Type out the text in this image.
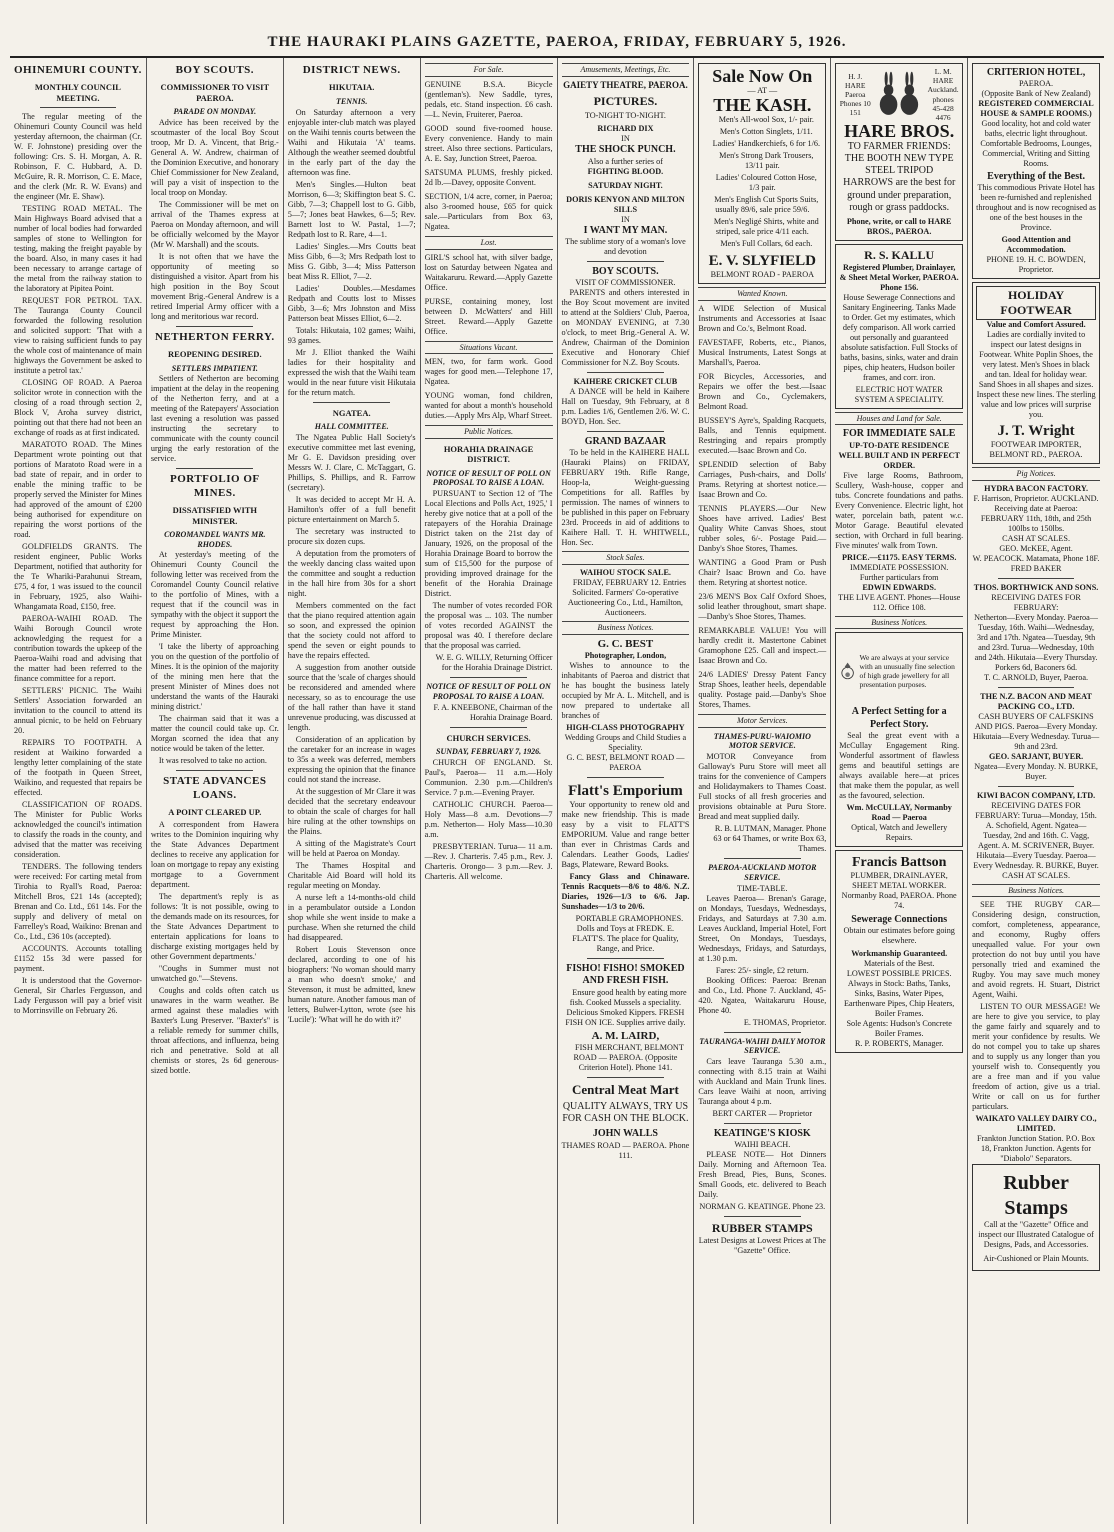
THE HAURAKI PLAINS GAZETTE, PAEROA, FRIDAY, FEBRUARY 5, 1926.
OHINEMURI COUNTY.
MONTHLY COUNCIL MEETING.

The regular meeting of the Ohinemuri County Council was held yesterday afternoon, the chairman (Cr. W. F. Johnstone) presiding over the following: Crs. S. H. Morgan, A. R. Robinson, F. C. Hubbard, A. D. McGuire, R. R. Morrison, C. E. Mace, and the clerk (Mr. R. W. Evans) and the engineer (Mr. E. Shaw).

TESTING ROAD METAL. The Main Highways Board advised that a number of local bodies had forwarded samples of stone to Wellington for testing, making the freight payable by the board. Also, in many cases it had been necessary to arrange cartage of the metal from the railway station to the laboratory at Pipitea Point.

REQUEST FOR PETROL TAX. The Tauranga County Council forwarded the following resolution and solicited support: 'That with a view to raising sufficient funds to pay the whole cost of maintenance of main highways the Government be asked to institute a petrol tax.'

CLOSING OF ROAD. A Paeroa solicitor wrote in connection with the closing of a road through section 2, Block V, Aroha survey district, pointing out that there had not been an exchange of roads as at first indicated.

MARATOTO ROAD. The Mines Department wrote pointing out that portions of Maratoto Road were in a bad state of repair, and in order to enable the mining traffic to be properly served the Minister for Mines had approved of the amount of £200 being authorised for expenditure on repairing the worst portions of the road.

GOLDFIELDS GRANTS. The resident engineer, Public Works Department, notified that authority for the Te Whariki-Parahunui Stream, £75, 4 for, 1 was issued to the council in February, 1925, also Waihi-Whangamata Road, £150, free.

PAEROA-WAIHI ROAD. The Waihi Borough Council wrote acknowledging the request for a contribution towards the upkeep of the Paeroa-Waihi road and advising that the matter had been referred to the finance committee for a report.

SETTLERS' PICNIC. The Waihi Settlers' Association forwarded an invitation to the council to attend its annual picnic, to be held on February 20.

REPAIRS TO FOOTPATH. A resident at Waikino forwarded a lengthy letter complaining of the state of the footpath in Queen Street, Waikino, and requested that repairs be effected.

CLASSIFICATION OF ROADS. The Minister for Public Works acknowledged the council's intimation to classify the roads in the county, and advised that the matter was receiving consideration.

TENDERS. The following tenders were received: For carting metal from Tirohia to Ryall's Road, Paeroa: Mitchell Bros, £21 14s (accepted); Brenan and Co. Ltd., £61 14s. For the supply and delivery of metal on Farrelley's Road, Waikino: Brenan and Co., Ltd., £36 10s (accepted).

ACCOUNTS. Accounts totalling £1152 15s 3d were passed for payment.

It is understood that the Governor-General, Sir Charles Fergusson, and Lady Fergusson will pay a brief visit to Morrinsville on February 26.

BOY SCOUTS.
COMMISSIONER TO VISIT PAEROA.
PARADE ON MONDAY.

Advice has been received by the scoutmaster of the local Boy Scout troop, Mr D. A. Vincent, that Brig.-General A. W. Andrew, chairman of the Dominion Executive, and honorary Chief Commissioner for New Zealand, will pay a visit of inspection to the local troop on Monday.

The Commissioner will be met on arrival of the Thames express at Paeroa on Monday afternoon, and will be officially welcomed by the Mayor (Mr W. Marshall) and the scouts.

It is not often that we have the opportunity of meeting so distinguished a visitor. Apart from his high position in the Boy Scout movement Brig.-General Andrew is a retired Imperial Army officer with a long and meritorious war record.

NETHERTON FERRY.
REOPENING DESIRED.
SETTLERS IMPATIENT.

Settlers of Netherton are becoming impatient at the delay in the reopening of the Netherton ferry, and at a meeting of the Ratepayers' Association last evening a resolution was passed instructing the secretary to communicate with the county council urging the early restoration of the service.

PORTFOLIO OF MINES.
DISSATISFIED WITH MINISTER.
COROMANDEL WANTS MR. RHODES.

At yesterday's meeting of the Ohinemuri County Council the following letter was received from the Coromandel County Council relative to the portfolio of Mines, with a request that if the council was in sympathy with the object it support the request by approaching the Hon. Prime Minister.

'I take the liberty of approaching you on the question of the portfolio of Mines. It is the opinion of the majority of the mining men here that the present Minister of Mines does not understand the wants of the Hauraki mining district.'

The chairman said that it was a matter the council could take up. Cr. Morgan scorned the idea that any notice would be taken of the letter.

It was resolved to take no action.

STATE ADVANCES LOANS.
A POINT CLEARED UP.

A correspondent from Hawera writes to the Dominion inquiring why the State Advances Department declines to receive any application for loan on mortgage to repay any existing mortgage to a Government department.

The department's reply is as follows: 'It is not possible, owing to the demands made on its resources, for the State Advances Department to entertain applications for loans to discharge existing mortgages held by other Government departments.'

"Coughs in Summer must not unwatched go."—Stevens.

Coughs and colds often catch us unawares in the warm weather. Be armed against these maladies with Baxter's Lung Preserver. "Baxter's" is a reliable remedy for summer chills, throat affections, and influenza, being rich and penetrative. Sold at all chemists or stores, 2s 6d generous-sized bottle.

DISTRICT NEWS.
HIKUTAIA.
TENNIS.

On Saturday afternoon a very enjoyable inter-club match was played on the Waihi tennis courts between the Waihi and Hikutaia 'A' teams. Although the weather seemed doubtful in the early part of the day the afternoon was fine.

Men's Singles.—Hulton beat Morrison, 6—3; Skiffington beat S. C. Gibb, 7—3; Chappell lost to G. Gibb, 5—7; Jones beat Hawkes, 6—5; Rev. Barnett lost to W. Pastal, 1—7; Redpath lost to R. Rare, 4—1.

Ladies' Singles.—Mrs Coutts beat Miss Gibb, 6—3; Mrs Redpath lost to Miss G. Gibb, 3—4; Miss Patterson beat Miss R. Elliot, 7—2.

Ladies' Doubles.—Mesdames Redpath and Coutts lost to Misses Gibb, 3—6; Mrs Johnston and Miss Patterson beat Misses Elliot, 6—2.

Totals: Hikutaia, 102 games; Waihi, 93 games.

Mr J. Elliot thanked the Waihi ladies for their hospitality and expressed the wish that the Waihi team would in the near future visit Hikutaia for the return match.

NGATEA.
HALL COMMITTEE.

The Ngatea Public Hall Society's executive committee met last evening, Mr G. E. Davidson presiding over Messrs W. J. Clare, C. McTaggart, G. Phillips, S. Phillips, and R. Farrow (secretary).

It was decided to accept Mr H. A. Hamilton's offer of a full benefit picture entertainment on March 5.

The secretary was instructed to procure six dozen cups.

A deputation from the promoters of the weekly dancing class waited upon the committee and sought a reduction in the hall hire from 30s for a short night.

Members commented on the fact that the piano required attention again so soon, and expressed the opinion that the society could not afford to spend the seven or eight pounds to have the repairs effected.

A suggestion from another outside source that the 'scale of charges should be reconsidered and amended where necessary, so as to encourage the use of the hall rather than have it stand unrevenue producing, was discussed at length.

Consideration of an application by the caretaker for an increase in wages to 35s a week was deferred, members expressing the opinion that the finance could not stand the increase.

At the suggestion of Mr Clare it was decided that the secretary endeavour to obtain the scale of charges for hall hire ruling at the other townships on the Plains.

A sitting of the Magistrate's Court will be held at Paeroa on Monday.

The Thames Hospital and Charitable Aid Board will hold its regular meeting on Monday.

A nurse left a 14-months-old child in a perambulator outside a London shop while she went inside to make a purchase. When she returned the child had disappeared.

Robert Louis Stevenson once declared, according to one of his biographers: 'No woman should marry a man who doesn't smoke,' and Stevenson, it must be admitted, knew human nature. Another famous man of letters, Bulwer-Lytton, wrote (see his 'Lucile'): 'What will he do with it?'

For Sale.

GENUINE B.S.A. Bicycle (gentleman's). New Saddle, tyres, pedals, etc. Stand inspection. £6 cash.—L. Nevin, Fruiterer, Paeroa.

GOOD sound five-roomed house. Every convenience. Handy to main street. Also three sections. Particulars, A. E. Say, Junction Street, Paeroa.

SATSUMA PLUMS, freshly picked. 2d lb.—Davey, opposite Convent.

SECTION, 1/4 acre, corner, in Paeroa; also 3-roomed house, £65 for quick sale.—Particulars from Box 63, Ngatea.

Lost.

GIRL'S school hat, with silver badge, lost on Saturday between Ngatea and Waitakaruru. Reward.—Apply Gazette Office.

PURSE, containing money, lost between D. McWatters' and Hill Street. Reward.—Apply Gazette Office.

Situations Vacant.

MEN, two, for farm work. Good wages for good men.—Telephone 17, Ngatea.

YOUNG woman, fond children, wanted for about a month's household duties.—Apply Mrs Alp, Wharf Street.

Public Notices.
HORAHIA DRAINAGE DISTRICT.
NOTICE OF RESULT OF POLL ON PROPOSAL TO RAISE A LOAN.

PURSUANT to Section 12 of 'The Local Elections and Polls Act, 1925,' I hereby give notice that at a poll of the ratepayers of the Horahia Drainage District taken on the 21st day of January, 1926, on the proposal of the Horahia Drainage Board to borrow the sum of £15,500 for the purpose of providing improved drainage for the benefit of the Horahia Drainage District.

The number of votes recorded FOR the proposal was ... 103. The number of votes recorded AGAINST the proposal was 40. I therefore declare that the proposal was carried.

W. E. G. WILLY, Returning Officer for the Horahia Drainage District.

NOTICE OF RESULT OF POLL ON PROPOSAL TO RAISE A LOAN.

F. A. KNEEBONE, Chairman of the Horahia Drainage Board.

CHURCH SERVICES.
SUNDAY, FEBRUARY 7, 1926.

CHURCH OF ENGLAND. St. Paul's, Paeroa— 11 a.m.—Holy Communion. 2.30 p.m.—Children's Service. 7 p.m.—Evening Prayer.

CATHOLIC CHURCH. Paeroa— Holy Mass—8 a.m. Devotions—7 p.m. Netherton— Holy Mass—10.30 a.m.

PRESBYTERIAN. Turua— 11 a.m.—Rev. J. Charteris. 7.45 p.m., Rev. J. Charteris. Orongo— 3 p.m.—Rev. J. Charteris. All welcome.

Amusements, Meetings, Etc.
GAIETY THEATRE, PAEROA.
PICTURES.
TO-NIGHT TO-NIGHT.
RICHARD DIX
IN
THE SHOCK PUNCH.
Also a further series of
FIGHTING BLOOD.
SATURDAY NIGHT.
DORIS KENYON AND MILTON SILLS
IN
I WANT MY MAN.
The sublime story of a woman's love and devotion
BOY SCOUTS.
VISIT OF COMMISSIONER.

PARENTS and others interested in the Boy Scout movement are invited to attend at the Soldiers' Club, Paeroa, on MONDAY EVENING, at 7.30 o'clock, to meet Brig.-General A. W. Andrew, Chairman of the Dominion Executive and Honorary Chief Commissioner for N.Z. Boy Scouts.

KAIHERE CRICKET CLUB

A DANCE will be held in Kaihere Hall on Tuesday, 9th February, at 8 p.m. Ladies 1/6, Gentlemen 2/6. W. C. BOYD, Hon. Sec.

GRAND BAZAAR

To be held in the KAIHERE HALL (Hauraki Plains) on FRIDAY, FEBRUARY 19th. Rifle Range, Hoop-la, Weight-guessing Competitions for all. Raffles by permission. The names of winners to be published in this paper on February 23rd. Proceeds in aid of additions to Kaihere Hall. T. H. WHITWELL, Hon. Sec.

Stock Sales.
WAIHOU STOCK SALE.

FRIDAY, FEBRUARY 12. Entries Solicited. Farmers' Co-operative Auctioneering Co., Ltd., Hamilton, Auctioneers.

Business Notices.
G. C. BEST
Photographer, London,

Wishes to announce to the inhabitants of Paeroa and district that he has bought the business lately occupied by Mr A. L. Mitchell, and is now prepared to undertake all branches of

HIGH-CLASS PHOTOGRAPHY
Wedding Groups and Child Studies a Speciality.
G. C. BEST, BELMONT ROAD — PAEROA
Flatt's Emporium

Your opportunity to renew old and make new friendship. This is made easy by a visit to FLATT'S EMPORIUM. Value and range better than ever in Christmas Cards and Calendars. Leather Goods, Ladies' Bags, Plateware, Reward Books.

Fancy Glass and Chinaware. Tennis Racquets—8/6 to 48/6. N.Z. Diaries, 1926—1/3 to 6/6. Jap. Sunshades—1/3 to 20/6.

PORTABLE GRAMOPHONES. Dolls and Toys at FREDK. E. FLATT'S. The place for Quality, Range, and Price.

FISHO! FISHO! SMOKED AND FRESH FISH.

Ensure good health by eating more fish. Cooked Mussels a speciality. Delicious Smoked Kippers. FRESH FISH ON ICE. Supplies arrive daily.

A. M. LAIRD,

FISH MERCHANT, BELMONT ROAD — PAEROA. (Opposite Criterion Hotel). Phone 141.

Central Meat Mart
QUALITY ALWAYS, TRY US FOR CASH ON THE BLOCK.
JOHN WALLS
THAMES ROAD — PAEROA. Phone 111.
Sale Now On
— AT —
THE KASH.

Men's All-wool Sox, 1/- pair.

Men's Cotton Singlets, 1/11.

Ladies' Handkerchiefs, 6 for 1/6.

Men's Strong Dark Trousers, 13/11 pair.

Ladies' Coloured Cotton Hose, 1/3 pair.

Men's English Cut Sports Suits, usually 89/6, sale price 59/6.

Men's Negligé Shirts, white and striped, sale price 4/11 each.

Men's Full Collars, 6d each.

E. V. SLYFIELD
BELMONT ROAD - PAEROA
Wanted Known.

A WIDE Selection of Musical Instruments and Accessories at Isaac Brown and Co.'s, Belmont Road.

FAVESTAFF, Roberts, etc., Pianos, Musical Instruments, Latest Songs at Marshall's, Paeroa.

FOR Bicycles, Accessories, and Repairs we offer the best.—Isaac Brown and Co., Cyclemakers, Belmont Road.

BUSSEY'S Ayre's, Spalding Racquets, Balls, and Tennis equipment. Restringing and repairs promptly executed.—Isaac Brown and Co.

SPLENDID selection of Baby Carriages, Push-chairs, and Dolls' Prams. Retyring at shortest notice.—Isaac Brown and Co.

TENNIS PLAYERS.—Our New Shoes have arrived. Ladies' Best Quality White Canvas Shoes, stout rubber soles, 6/-. Postage Paid.—Danby's Shoe Stores, Thames.

WANTING a Good Pram or Push Chair? Isaac Brown and Co. have them. Retyring at shortest notice.

23/6 MEN'S Box Calf Oxford Shoes, solid leather throughout, smart shape.—Danby's Shoe Stores, Thames.

REMARKABLE VALUE! You will hardly credit it. Mastertone Cabinet Gramophone £25. Call and inspect.—Isaac Brown and Co.

24/6 LADIES' Dressy Patent Fancy Strap Shoes, leather heels, dependable quality. Postage paid.—Danby's Shoe Stores, Thames.

Motor Services.
THAMES-PURU-WAIOMIO MOTOR SERVICE.

MOTOR Conveyance from Galloway's Puru Store will meet all trains for the convenience of Campers and Holidaymakers to Thames Coast. Full stocks of all fresh groceries and provisions obtainable at Puru Store. Bread and meat supplied daily.

R. B. LUTMAN, Manager. Phone 63 or 64 Thames, or write Box 63, Thames.

PAEROA-AUCKLAND MOTOR SERVICE.
TIME-TABLE.

Leaves Paeroa— Brenan's Garage, on Mondays, Tuesdays, Wednesdays, Fridays, and Saturdays at 7.30 a.m. Leaves Auckland, Imperial Hotel, Fort Street, On Mondays, Tuesdays, Wednesdays, Fridays, and Saturdays, at 1.30 p.m.

Fares: 25/- single, £2 return.

Booking Offices: Paeroa: Brenan and Co., Ltd. Phone 7. Auckland, 45-420. Ngatea, Waitakaruru House, Phone 40.

E. THOMAS, Proprietor.

TAURANGA-WAIHI DAILY MOTOR SERVICE.

Cars leave Tauranga 5.30 a.m., connecting with 8.15 train at Waihi with Auckland and Main Trunk lines. Cars leave Waihi at noon, arriving Tauranga about 4 p.m.

BERT CARTER — Proprietor
KEATINGE'S KIOSK
WAIHI BEACH.

PLEASE NOTE— Hot Dinners Daily. Morning and Afternoon Tea. Fresh Bread, Pies, Buns, Scones. Small Goods, etc. delivered to Beach Daily.

NORMAN G. KEATINGE. Phone 23.
RUBBER STAMPS
Latest Designs at Lowest Prices at The "Gazette" Office.
H. J. HARE Paeroa Phones 10 151
L. M. HARE Auckland. phones 45-428 4476
HARE BROS.
TO FARMER FRIENDS: THE BOOTH NEW TYPE STEEL TRIPOD HARROWS are the best for ground under preparation, rough or grass paddocks.
Phone, write, or call to HARE BROS., PAEROA.
R. S. KALLU
Registered Plumber, Drainlayer, & Sheet Metal Worker, PAEROA. Phone 156.

House Sewerage Connections and Sanitary Engineering. Tanks Made to Order. Get my estimates, which defy comparison. All work carried out personally and guaranteed absolute satisfaction. Full Stocks of baths, basins, sinks, water and drain pipes, chip heaters, Hudson boiler frames, and corr. iron.

ELECTRIC HOT WATER SYSTEM A SPECIALITY.
Houses and Land for Sale.
FOR IMMEDIATE SALE
UP-TO-DATE RESIDENCE
WELL BUILT AND IN PERFECT ORDER.

Five large Rooms, Bathroom, Scullery, Wash-house, copper and tubs. Concrete foundations and paths. Every Convenience. Electric light, hot water, porcelain bath, patent w.c. Motor Garage. Beautiful elevated section, with Orchard in full bearing. Five minutes' walk from Town.

PRICE.—£1175. EASY TERMS.
IMMEDIATE POSSESSION.
Further particulars from
EDWIN EDWARDS.
THE LIVE AGENT. Phones—House 112. Office 108.
Business Notices.
We are always at your service with an unusually fine selection of high grade jewellery for all presentation purposes.
A Perfect Setting for a Perfect Story.

Seal the great event with a McCullay Engagement Ring. Wonderful assortment of flawless gems and beautiful settings are always available here—at prices that make them the popular, as well as the favoured, selection.

Wm. McCULLAY, Normanby Road — Paeroa
Optical, Watch and Jewellery Repairs.
Francis Battson
PLUMBER, DRAINLAYER, SHEET METAL WORKER. Normanby Road, PAEROA. Phone 74.
Sewerage Connections
Obtain our estimates before going elsewhere.
Workmanship Guaranteed.
Materials of the Best.
LOWEST POSSIBLE PRICES.
Always in Stock: Baths, Tanks, Sinks, Basins, Water Pipes, Earthenware Pipes, Chip Heaters, Boiler Frames.
Sole Agents: Hudson's Concrete Boiler Frames.
R. P. ROBERTS, Manager.
CRITERION HOTEL,
PAEROA.
(Opposite Bank of New Zealand)
REGISTERED COMMERCIAL HOUSE & SAMPLE ROOMS.)

Good locality, hot and cold water baths, electric light throughout. Comfortable Bedrooms, Lounges, Commercial, Writing and Sitting Rooms.

Everything of the Best.

This commodious Private Hotel has been re-furnished and replenished throughout and is now recognised as one of the best houses in the Province.

Good Attention and Accommodation.
PHONE 19. H. C. BOWDEN, Proprietor.
HOLIDAY FOOTWEAR
Value and Comfort Assured.

Ladies are cordially invited to inspect our latest designs in Footwear. White Poplin Shoes, the very latest. Men's Shoes in black and tan. Ideal for holiday wear. Sand Shoes in all shapes and sizes. Inspect these new lines. The sterling value and low prices will surprise you.

J. T. Wright
FOOTWEAR IMPORTER, BELMONT RD., PAEROA.
Pig Notices.
HYDRA BACON FACTORY.
F. Harrison, Proprietor. AUCKLAND.
Receiving date at Paeroa: FEBRUARY 11th, 18th, and 25th 100lbs to 150lbs.
CASH AT SCALES.
GEO. McKEE, Agent.
W. PEACOCK. Matamata, Phone 18F. FRED BAKER
THOS. BORTHWICK AND SONS.
RECEIVING DATES FOR FEBRUARY:
Netherton—Every Monday. Paeroa—Tuesday, 16th. Waihi—Wednesday, 3rd and 17th. Ngatea—Tuesday, 9th and 23rd. Turua—Wednesday, 10th and 24th. Hikutaia—Every Thursday. Porkers 6d, Baconers 6d.
T. C. ARNOLD, Buyer, Paeroa.
THE N.Z. BACON AND MEAT PACKING CO., LTD.
CASH BUYERS OF CALFSKINS AND PIGS. Paeroa—Every Monday. Hikutaia—Every Wednesday. Turua—9th and 23rd.
GEO. SARJANT, BUYER.
Ngatea—Every Monday. N. BURKE, Buyer.
KIWI BACON COMPANY, LTD.
RECEIVING DATES FOR FEBRUARY: Turua—Monday, 15th. A. Schofield, Agent. Ngatea—Tuesday, 2nd and 16th. C. Vagg, Agent. A. M. SCRIVENER, Buyer. Hikutaia—Every Tuesday. Paeroa—Every Wednesday. R. BURKE, Buyer. CASH AT SCALES.
Business Notices.

SEE THE RUGBY CAR—Considering design, construction, comfort, completeness, appearance, and economy, Rugby offers unequalled value. For your own protection do not buy until you have personally tried and examined the Rugby. You may save much money and avoid regrets. H. Stuart, District Agent, Waihi.

LISTEN TO OUR MESSAGE! We are here to give you service, to play the game fairly and squarely and to merit your confidence by results. We do not compel you to take up shares and to supply us any longer than you yourself wish to. Consequently you are a free man and if you value freedom of action, give us a trial. Write or call on us for further particulars.

WAIKATO VALLEY DAIRY CO., LIMITED.
Frankton Junction Station. P.O. Box 18, Frankton Junction. Agents for "Diabolo" Separators.
Rubber Stamps
Call at the "Gazette" Office and inspect our Illustrated Catalogue of Designs, Pads, and Accessories.
Air-Cushioned or Plain Mounts.
